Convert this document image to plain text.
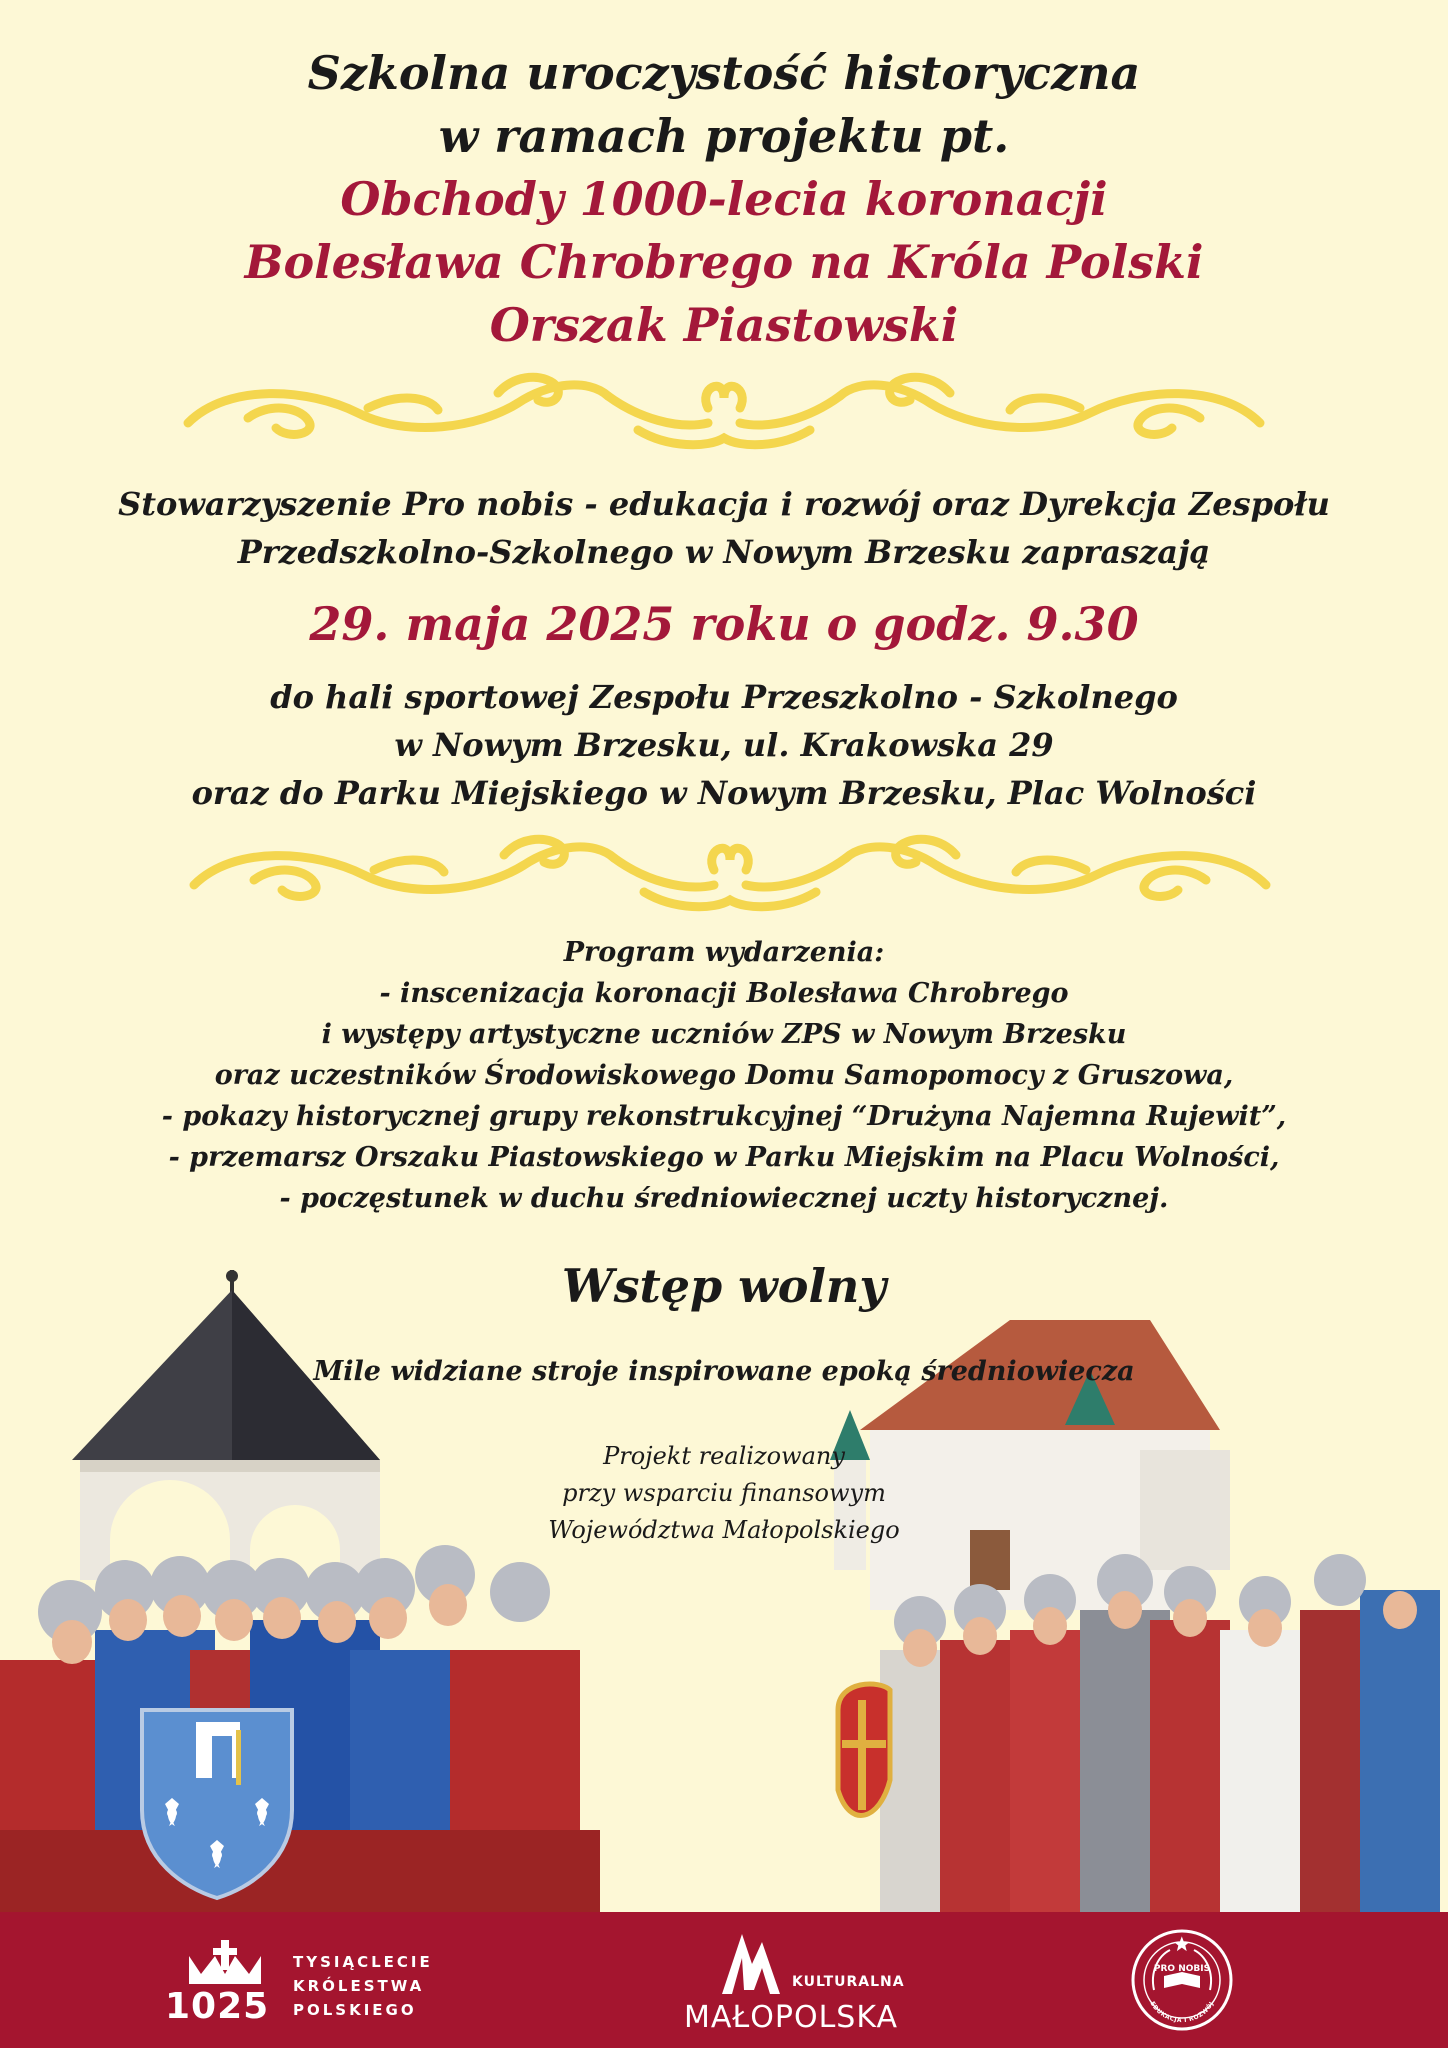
Szkolna uroczystość historyczna
w ramach projektu pt.
Obchody 1000-lecia koronacji
Bolesława Chrobrego na Króla Polski
Orszak Piastowski
Stowarzyszenie Pro nobis - edukacja i rozwój oraz Dyrekcja Zespołu
Przedszkolno-Szkolnego w Nowym Brzesku zapraszają
29. maja 2025 roku o godz. 9.30
do hali sportowej Zespołu Przeszkolno - Szkolnego
w Nowym Brzesku, ul. Krakowska 29
oraz do Parku Miejskiego w Nowym Brzesku, Plac Wolności
Program wydarzenia:
- inscenizacja koronacji Bolesława Chrobrego
i występy artystyczne uczniów ZPS w Nowym Brzesku
oraz uczestników Środowiskowego Domu Samopomocy z Gruszowa,
- pokazy historycznej grupy rekonstrukcyjnej “Drużyna Najemna Rujewit”,
- przemarsz Orszaku Piastowskiego w Parku Miejskim na Placu Wolności,
- poczęstunek w duchu średniowiecznej uczty historycznej.
Wstęp wolny
Mile widziane stroje inspirowane epoką średniowiecza
Projekt realizowany
przy wsparciu finansowym
Województwa Małopolskiego
1025
TYSIĄCLECIE
KRÓLESTWA
POLSKIEGO
KULTURALNA
MAŁOPOLSKA
PRO NOBIS
EDUKACJA I ROZWÓJ
